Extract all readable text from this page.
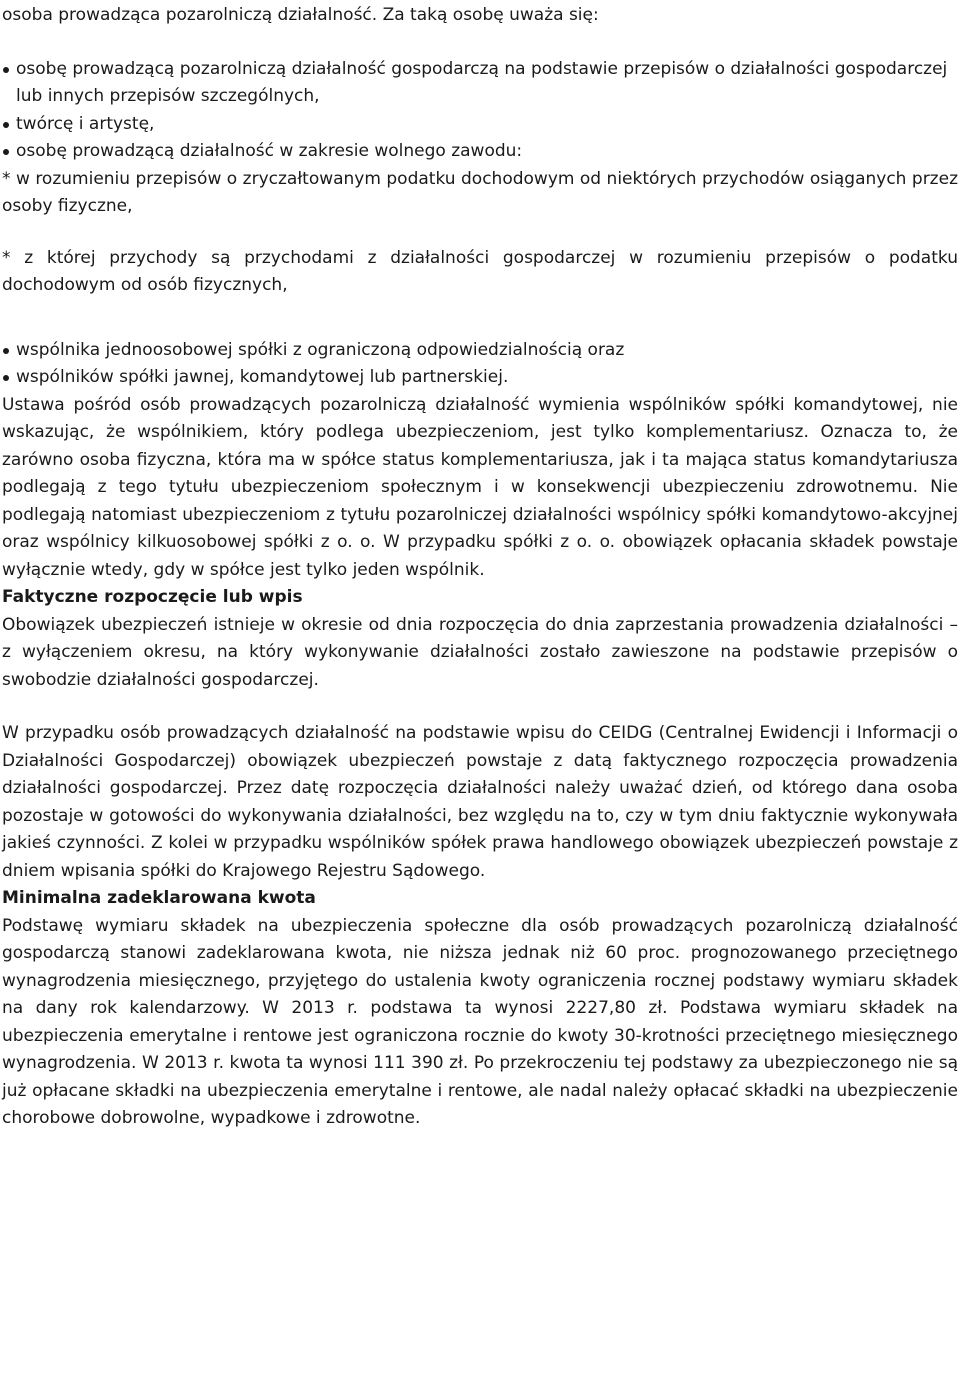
osoba prowadząca pozarolniczą działalność. Za taką osobę uważa się:

osobę prowadzącą pozarolniczą działalność gospodarczą na podstawie przepisów o działalności gospodarczej lub innych przepisów szczególnych,
twórcę i artystę,
osobę prowadzącą działalność w zakresie wolnego zawodu:

* w rozumieniu przepisów o zryczałtowanym podatku dochodowym od niektórych przychodów osiąganych przez osoby fizyczne,

* z której przychody są przychodami z działalności gospodarczej w rozumieniu przepisów o podatku dochodowym od osób fizycznych,

wspólnika jednoosobowej spółki z ograniczoną odpowiedzialnością oraz
wspólników spółki jawnej, komandytowej lub partnerskiej.

Ustawa pośród osób prowadzących pozarolniczą działalność wymienia wspólników spółki komandytowej, nie wskazując, że wspólnikiem, który podlega ubezpieczeniom, jest tylko komplementariusz. Oznacza to, że zarówno osoba fizyczna, która ma w spółce status komplementariusza, jak i ta mająca status komandytariusza podlegają z tego tytułu ubezpieczeniom społecznym i w konsekwencji ubezpieczeniu zdrowotnemu. Nie podlegają natomiast ubezpieczeniom z tytułu pozarolniczej działalności wspólnicy spółki komandytowo-akcyjnej oraz wspólnicy kilkuosobowej spółki z o. o. W przypadku spółki z o. o. obowiązek opłacania składek powstaje wyłącznie wtedy, gdy w spółce jest tylko jeden wspólnik.

Faktyczne rozpoczęcie lub wpis

Obowiązek ubezpieczeń istnieje w okresie od dnia rozpoczęcia do dnia zaprzestania prowadzenia działalności – z wyłączeniem okresu, na który wykonywanie działalności zostało zawieszone na podstawie przepisów o swobodzie działalności gospodarczej.

W przypadku osób prowadzących działalność na podstawie wpisu do CEIDG (Centralnej Ewidencji i Informacji o Działalności Gospodarczej) obowiązek ubezpieczeń powstaje z datą faktycznego rozpoczęcia prowadzenia działalności gospodarczej. Przez datę rozpoczęcia działalności należy uważać dzień, od którego dana osoba pozostaje w gotowości do wykonywania działalności, bez względu na to, czy w tym dniu faktycznie wykonywała jakieś czynności. Z kolei w przypadku wspólników spółek prawa handlowego obowiązek ubezpieczeń powstaje z dniem wpisania spółki do Krajowego Rejestru Sądowego.

Minimalna zadeklarowana kwota

Podstawę wymiaru składek na ubezpieczenia społeczne dla osób prowadzących pozarolniczą działalność gospodarczą stanowi zadeklarowana kwota, nie niższa jednak niż 60 proc. prognozowanego przeciętnego wynagrodzenia miesięcznego, przyjętego do ustalenia kwoty ograniczenia rocznej podstawy wymiaru składek na dany rok kalendarzowy. W 2013 r. podstawa ta wynosi 2227,80 zł. Podstawa wymiaru składek na ubezpieczenia emerytalne i rentowe jest ograniczona rocznie do kwoty 30-krotności przeciętnego miesięcznego wynagrodzenia. W 2013 r. kwota ta wynosi 111 390 zł. Po przekroczeniu tej podstawy za ubezpieczonego nie są już opłacane składki na ubezpieczenia emerytalne i rentowe, ale nadal należy opłacać składki na ubezpieczenie chorobowe dobrowolne, wypadkowe i zdrowotne.
